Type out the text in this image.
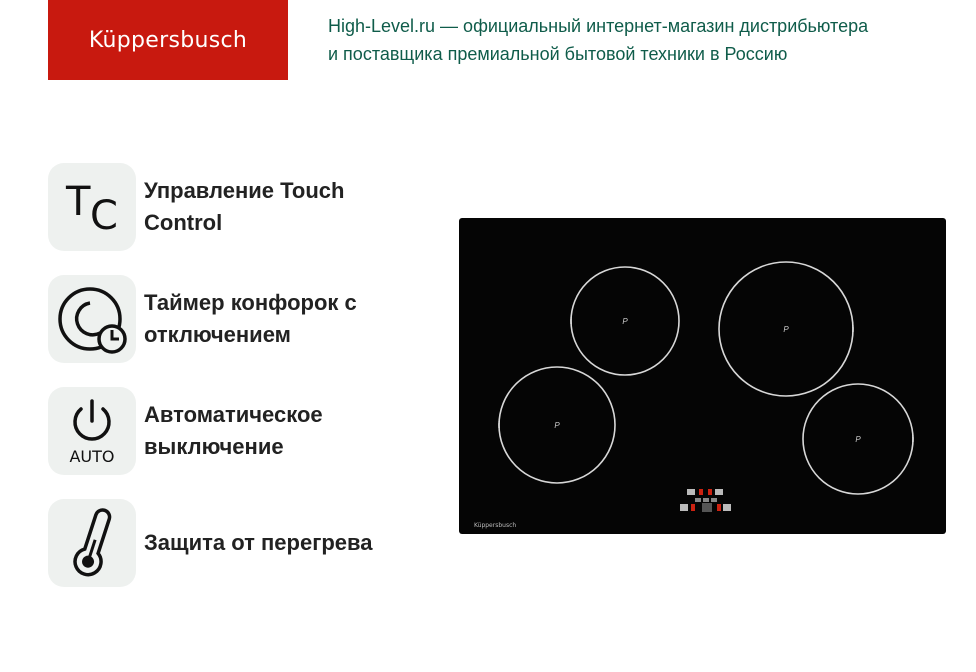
Küppersbusch
High-Level.ru — официальный интернет-магазин дистрибьютера
и поставщика премиальной бытовой техники в Россию
T C
Управление Touch
Control
Таймер конфорок с
отключением
AUTO
Автоматическое
выключение
Защита от перегрева
P
i
P	i
P
i
P	i
Küppersbusch
